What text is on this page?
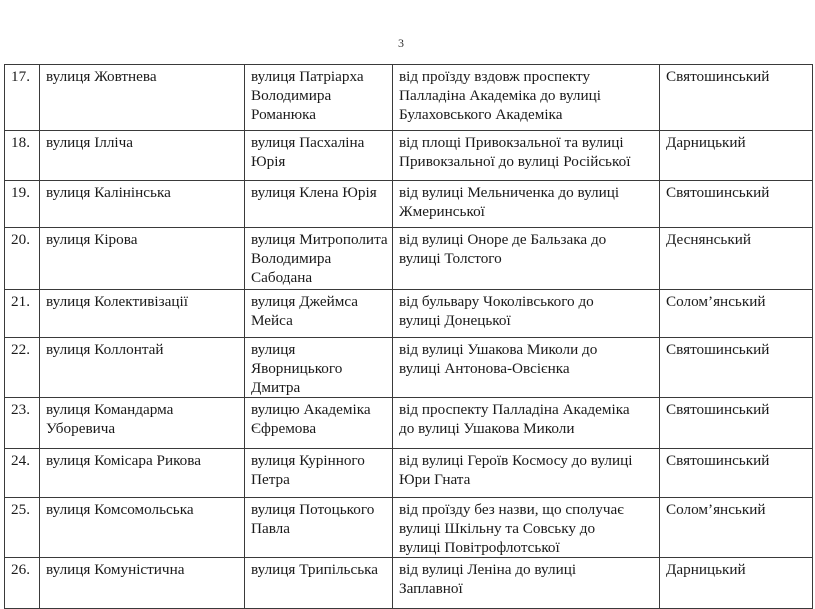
3
17.	вулиця Жовтнева	вулиця Патріарха
Володимира
Романюка	від проїзду вздовж проспекту
Палладіна Академіка до вулиці
Булаховського Академіка	Святошинський
18.	вулиця Ілліча	вулиця Пасхаліна
Юрія	від площі Привокзальної та вулиці
Привокзальної до вулиці Російської	Дарницький
19.	вулиця Калінінська	вулиця Клена Юрія	від вулиці Мельниченка до вулиці
Жмеринської	Святошинський
20.	вулиця Кірова	вулиця Митрополита
Володимира
Сабодана	від вулиці Оноре де Бальзака до
вулиці Толстого	Деснянський
21.	вулиця Колективізації	вулиця Джеймса
Мейса	від бульвару Чоколівського до
вулиці Донецької	Солом’янський
22.	вулиця Коллонтай	вулиця
Яворницького
Дмитра	від вулиці Ушакова Миколи до
вулиці Антонова-Овсієнка	Святошинський
23.	вулиця Командарма
Уборевича	вулицю Академіка
Єфремова	від проспекту Палладіна Академіка
до вулиці Ушакова Миколи	Святошинський
24.	вулиця Комісара Рикова	вулиця Курінного
Петра	від вулиці Героїв Космосу до вулиці
Юри Гната	Святошинський
25.	вулиця Комсомольська	вулиця Потоцького
Павла	від проїзду без назви, що сполучає
вулиці Шкільну та Совську до
вулиці Повітрофлотської	Солом’янський
26.	вулиця Комуністична	вулиця Трипільська	від вулиці Леніна до вулиці
Заплавної	Дарницький
